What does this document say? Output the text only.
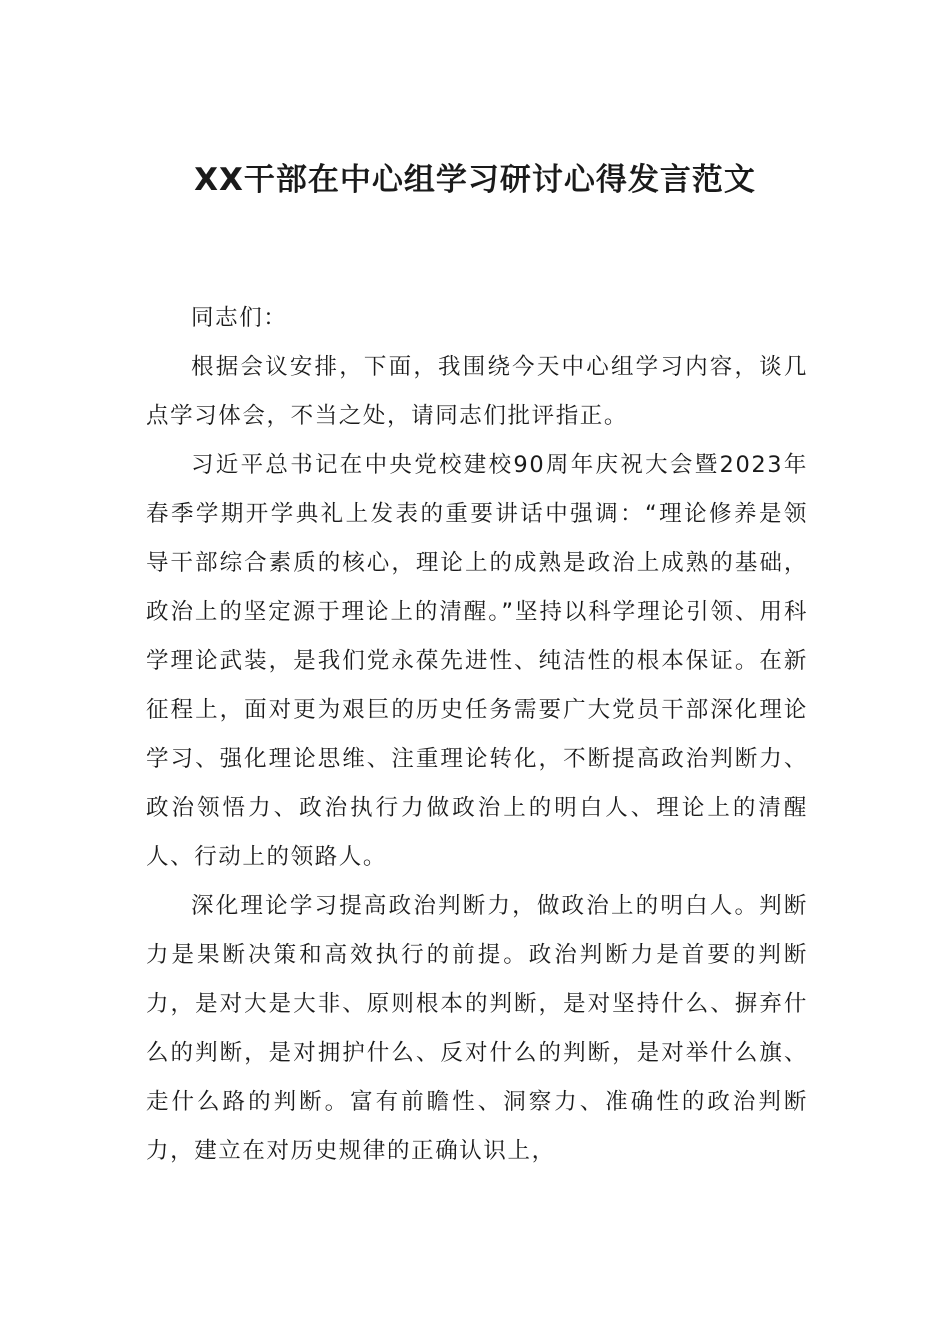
XX干部在中心组学习研讨心得发言范文

同志们：

根据会议安排，下面，我围绕今天中心组学习内容，谈几点学习体会，不当之处，请同志们批评指正。

习近平总书记在中央党校建校90周年庆祝大会暨2023年春季学期开学典礼上发表的重要讲话中强调：“理论修养是领导干部综合素质的核心，理论上的成熟是政治上成熟的基础，政治上的坚定源于理论上的清醒。”坚持以科学理论引领、用科学理论武装，是我们党永葆先进性、纯洁性的根本保证。在新征程上，面对更为艰巨的历史任务需要广大党员干部深化理论学习、强化理论思维、注重理论转化，不断提高政治判断力、政治领悟力、政治执行力做政治上的明白人、理论上的清醒人、行动上的领路人。

深化理论学习提高政治判断力，做政治上的明白人。判断力是果断决策和高效执行的前提。政治判断力是首要的判断力，是对大是大非、原则根本的判断，是对坚持什么、摒弃什么的判断，是对拥护什么、反对什么的判断，是对举什么旗、走什么路的判断。富有前瞻性、洞察力、准确性的政治判断力，建立在对历史规律的正确认识上，
